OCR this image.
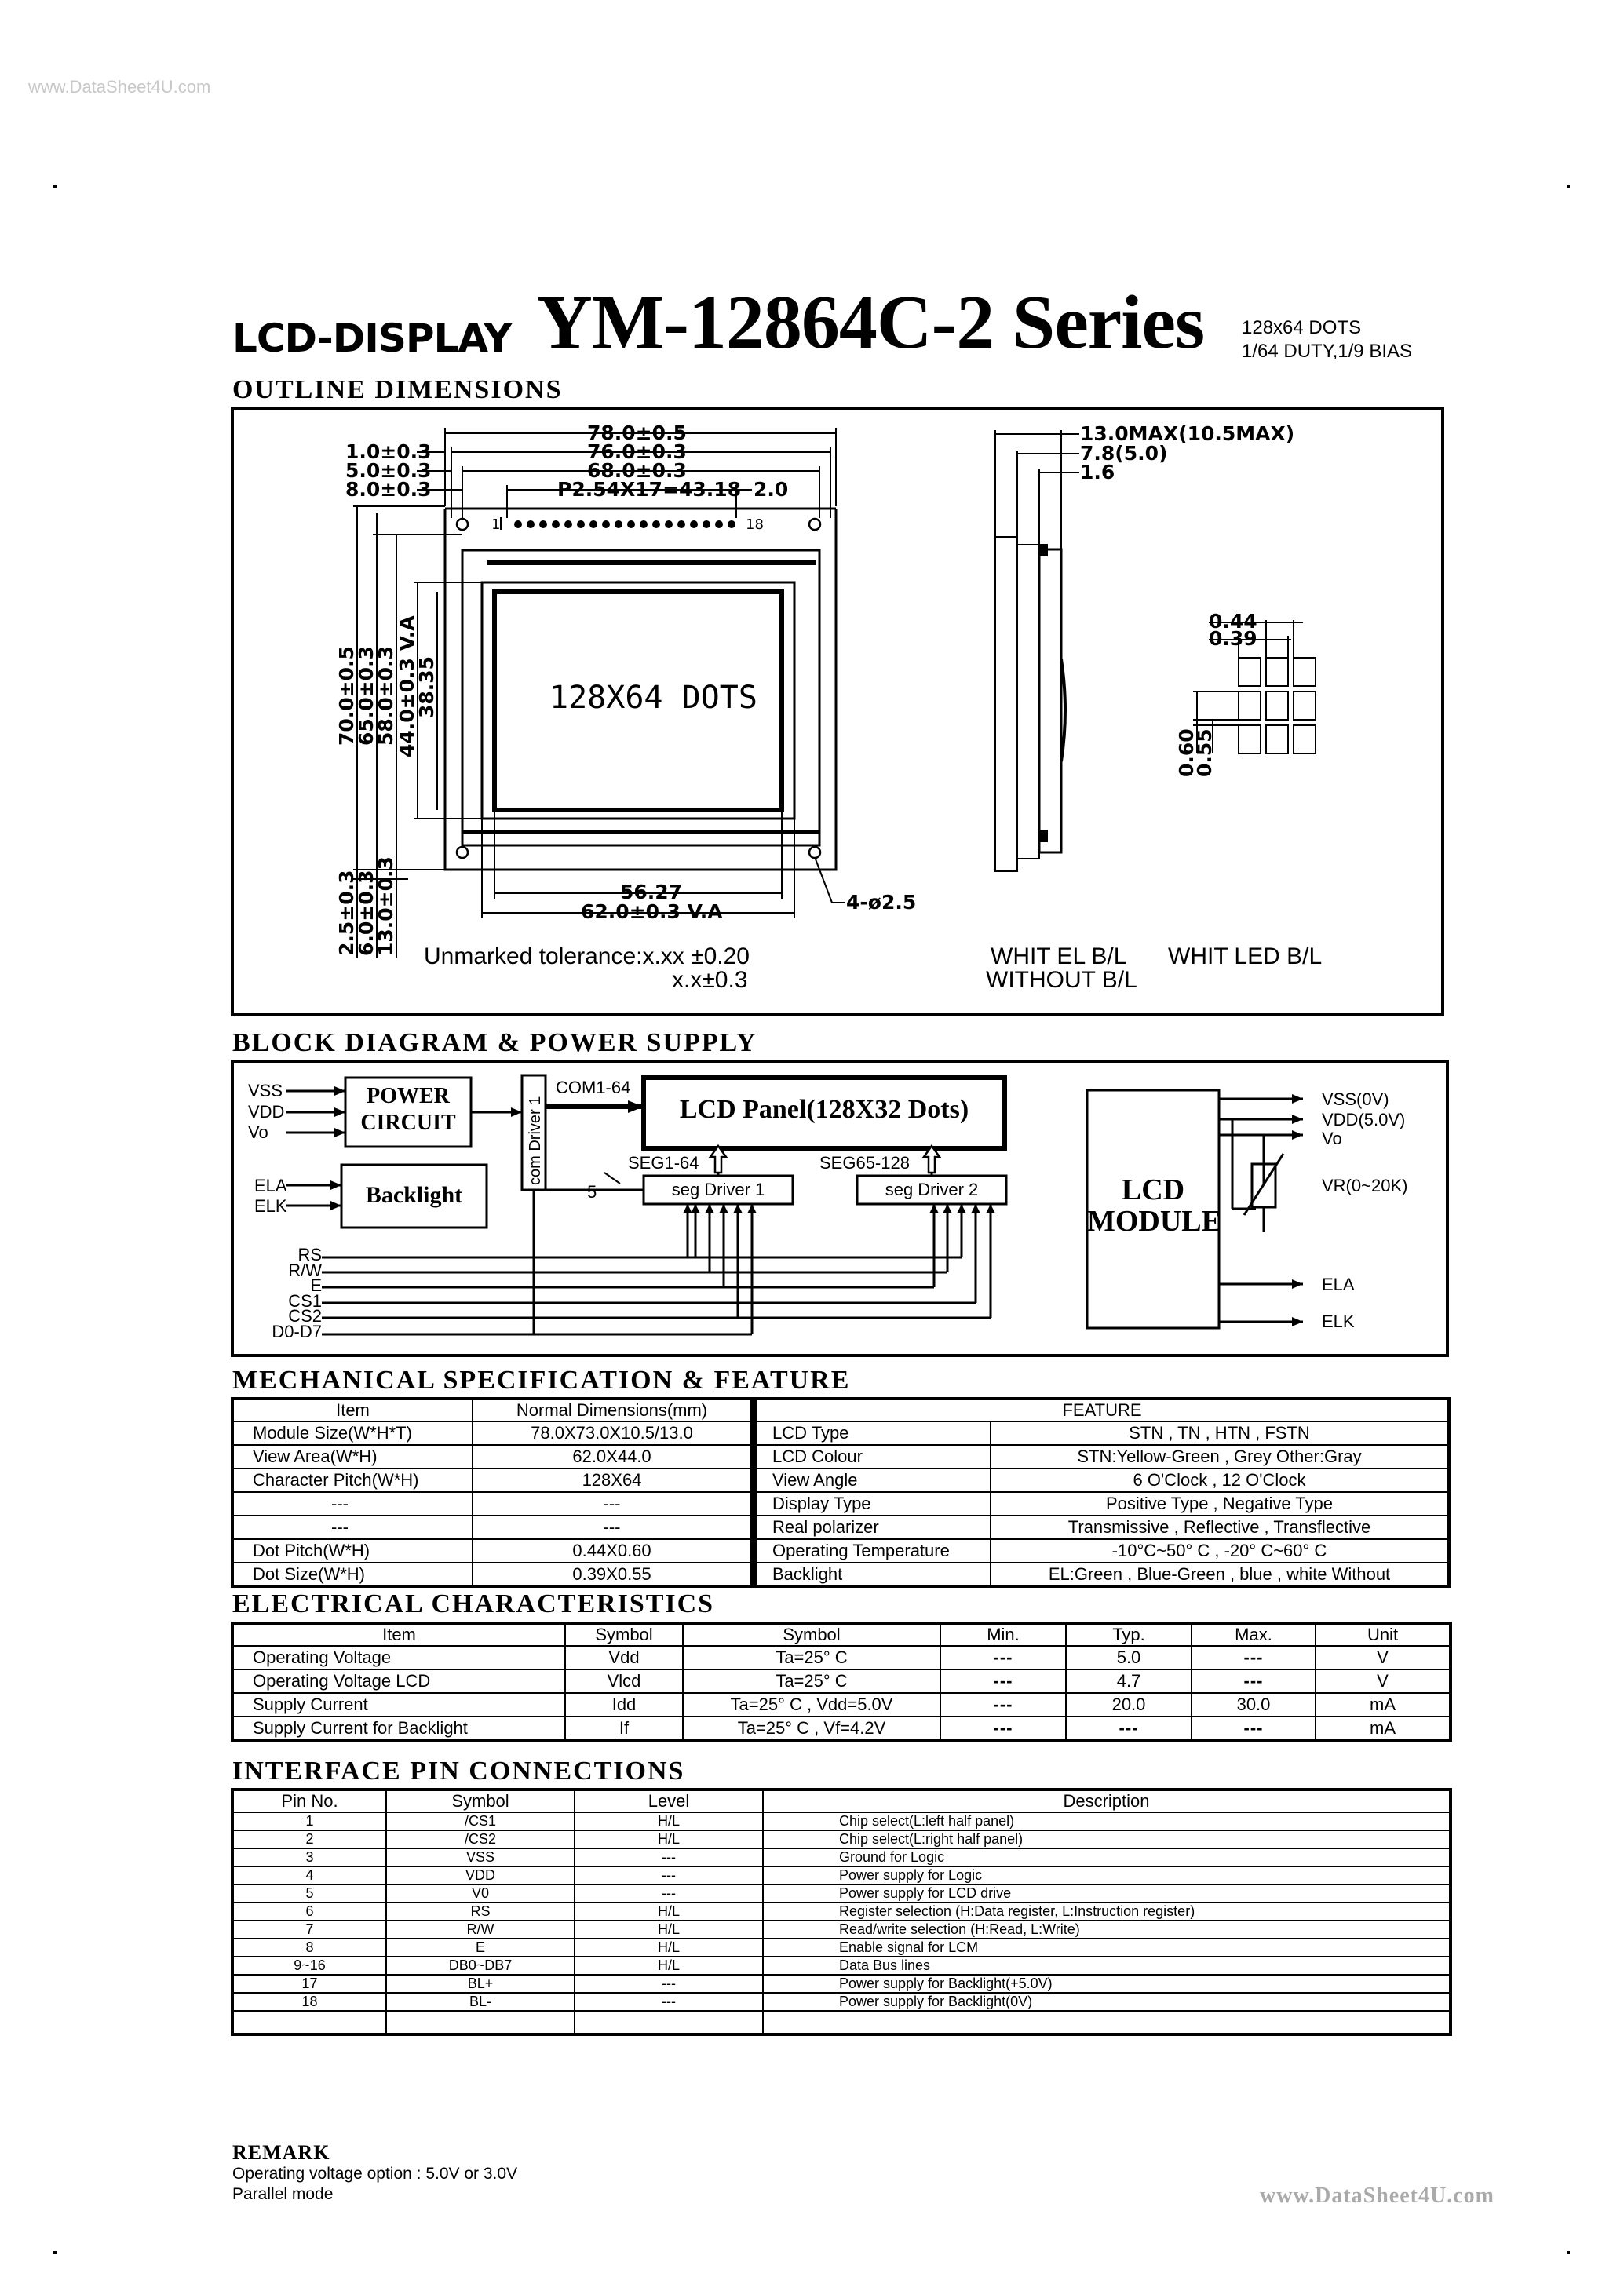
www.DataSheet4U.com
www.DataSheet4U.com
LCD-DISPLAY YM-12864C-2 Series 128x64 DOTS
1/64 DUTY,1/9 BIAS
OUTLINE DIMENSIONS
128X64 DOTS
78.0±0.5
76.0±0.3
68.0±0.3
P2.54X17=43.18 2.0
1.0±0.3
5.0±0.3
8.0±0.3
13.0MAX(10.5MAX)
7.8(5.0)
1.6
0.44
0.39
56.27
62.0±0.3 V.A	4-ø2.5
1	18
70.0±0.5
65.0±0.3
58.0±0.3
44.0±0.3 V.A
38.35
2.5±0.3
6.0±0.3
13.0±0.3
0.60
0.55
Unmarked tolerance:x.xx ±0.20
x.x±0.3
WHIT EL B/L WHIT LED B/L
WITHOUT B/L
BLOCK DIAGRAM & POWER SUPPLY
com Driver 1
VSS
VDD
Vo
POWER
CIRCUIT
COM1-64
LCD Panel(128X32 Dots)
SEG1-64	SEG65-128
seg Driver 1	seg Driver 2
5
ELA
ELK	Backlight
RS
R/W
E
CS1
CS2
D0-D7
LCD
MODULE
VSS(0V)
VDD(5.0V)
Vo
VR(0~20K)
ELA
ELK
MECHANICAL SPECIFICATION & FEATURE
Item	Normal Dimensions(mm)
Module Size(W*H*T)	78.0X73.0X10.5/13.0
View Area(W*H)	62.0X44.0
Character Pitch(W*H)	128X64
---	---
---	---
Dot Pitch(W*H)	0.44X0.60
Dot Size(W*H)	0.39X0.55
FEATURE	
LCD Type	STN , TN , HTN , FSTN
LCD Colour	STN:Yellow-Green , Grey Other:Gray
View Angle	6 O'Clock , 12 O'Clock
Display Type	Positive Type , Negative Type
Real polarizer	Transmissive , Reflective , Transflective
Operating Temperature	-10°C~50° C , -20° C~60° C
Backlight	EL:Green , Blue-Green , blue , white Without
ELECTRICAL CHARACTERISTICS
Item	Symbol	Symbol	Min.	Typ.	Max.	Unit
Operating Voltage	Vdd	Ta=25° C	---	5.0	---	V
Operating Voltage LCD	Vlcd	Ta=25° C	---	4.7	---	V
Supply Current	Idd	Ta=25° C , Vdd=5.0V	---	20.0	30.0	mA
Supply Current for Backlight	If	Ta=25° C , Vf=4.2V	---	---	---	mA
INTERFACE PIN CONNECTIONS
Pin No.	Symbol	Level	Description
1	/CS1	H/L	Chip select(L:left half panel)
2	/CS2	H/L	Chip select(L:right half panel)
3	VSS	---	Ground for Logic
4	VDD	---	Power supply for Logic
5	V0	---	Power supply for LCD drive
6	RS	H/L	Register selection (H:Data register, L:Instruction register)
7	R/W	H/L	Read/write selection (H:Read, L:Write)
8	E	H/L	Enable signal for LCM
9~16	DB0~DB7	H/L	Data Bus lines
17	BL+	---	Power supply for Backlight(+5.0V)
18	BL-	---	Power supply for Backlight(0V)

REMARK
Operating voltage option : 5.0V or 3.0V
Parallel mode
